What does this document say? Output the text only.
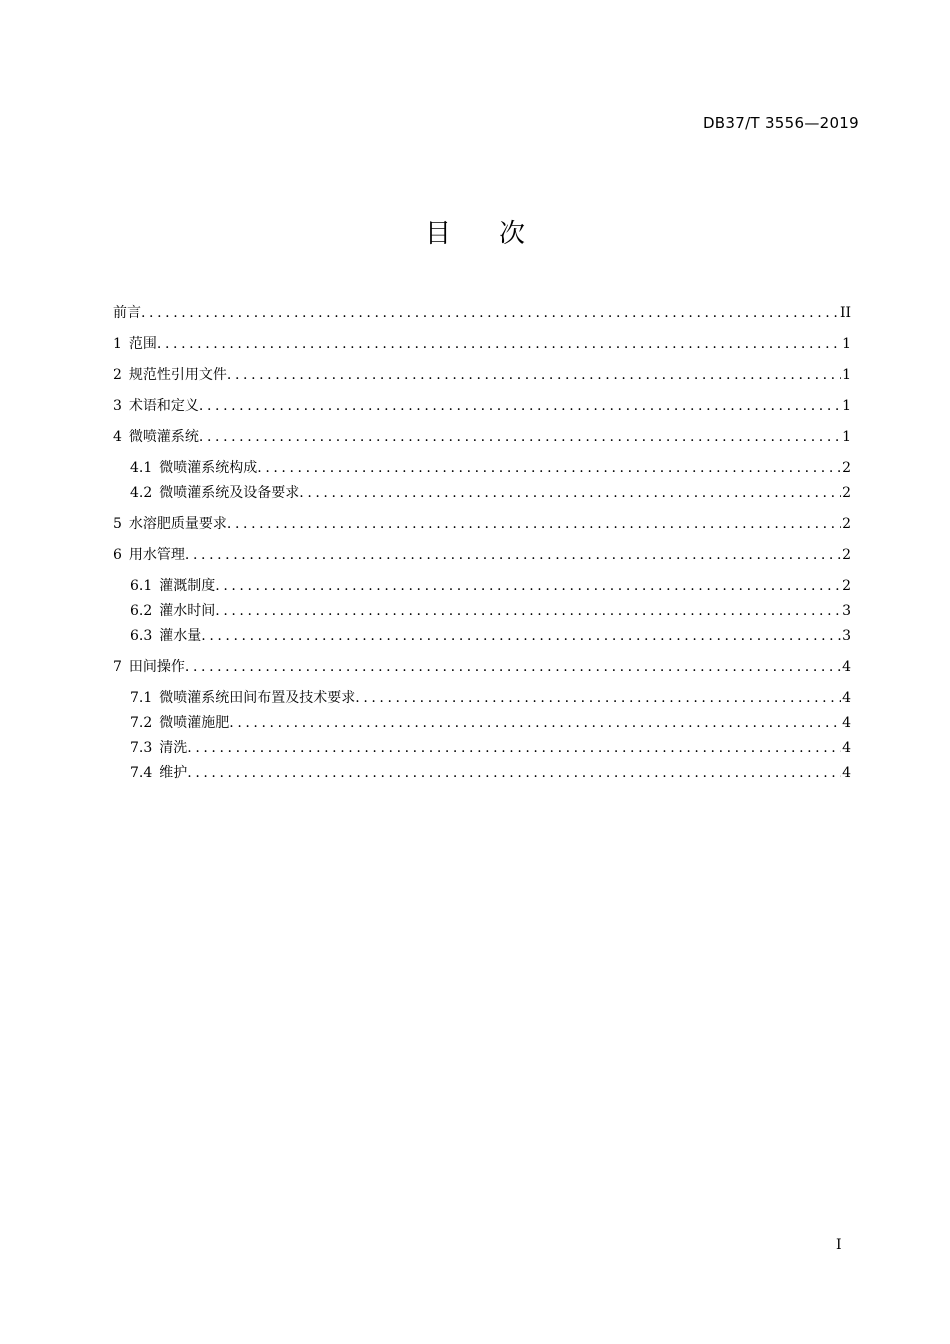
DB37/T 3556—2019
目 次
前言 .....	II
1 范围 .....	1
2 规范性引用文件 .....	1
3 术语和定义 .....	1
4 微喷灌系统 .....	1
4.1 微喷灌系统构成 .....	2
4.2 微喷灌系统及设备要求 .....	2
5 水溶肥质量要求 .....	2
6 用水管理 .....	2
6.1 灌溉制度 .....	2
6.2 灌水时间 .....	3
6.3 灌水量 .....	3
7 田间操作 .....	4
7.1 微喷灌系统田间布置及技术要求 .....	4
7.2 微喷灌施肥 .....	4
7.3 清洗 .....	4
7.4 维护 .....	4
I
